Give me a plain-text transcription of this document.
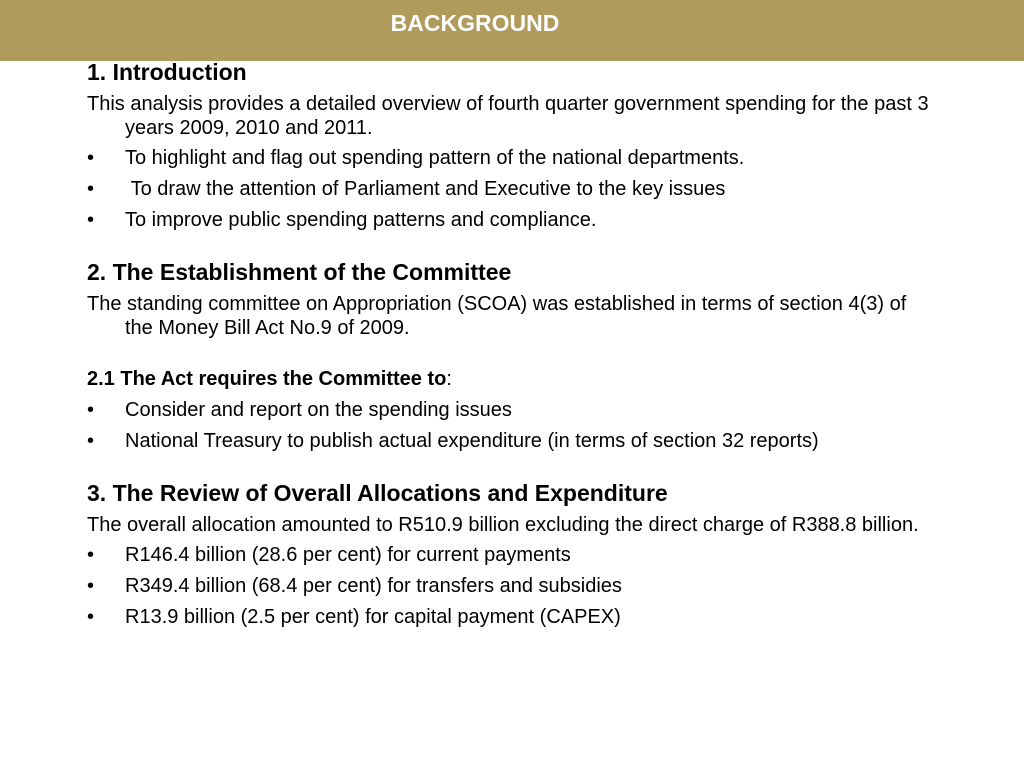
BACKGROUND
1. Introduction

This analysis provides a detailed overview of fourth quarter government spending for the past 3 years 2009, 2010 and 2011.

• To highlight and flag out spending pattern of the national departments.
• To draw the attention of Parliament and Executive to the key issues
• To improve public spending patterns and compliance.
2. The Establishment of the Committee

The standing committee on Appropriation (SCOA) was established in terms of section 4(3) of the Money Bill Act No.9 of 2009.

2.1 The Act requires the Committee to:

• Consider and report on the spending issues
• National Treasury to publish actual expenditure (in terms of section 32 reports)
3. The Review of Overall Allocations and Expenditure

The overall allocation amounted to R510.9 billion excluding the direct charge of R388.8 billion.

• R146.4 billion (28.6 per cent) for current payments
• R349.4 billion (68.4 per cent) for transfers and subsidies
• R13.9 billion (2.5 per cent) for capital payment (CAPEX)
